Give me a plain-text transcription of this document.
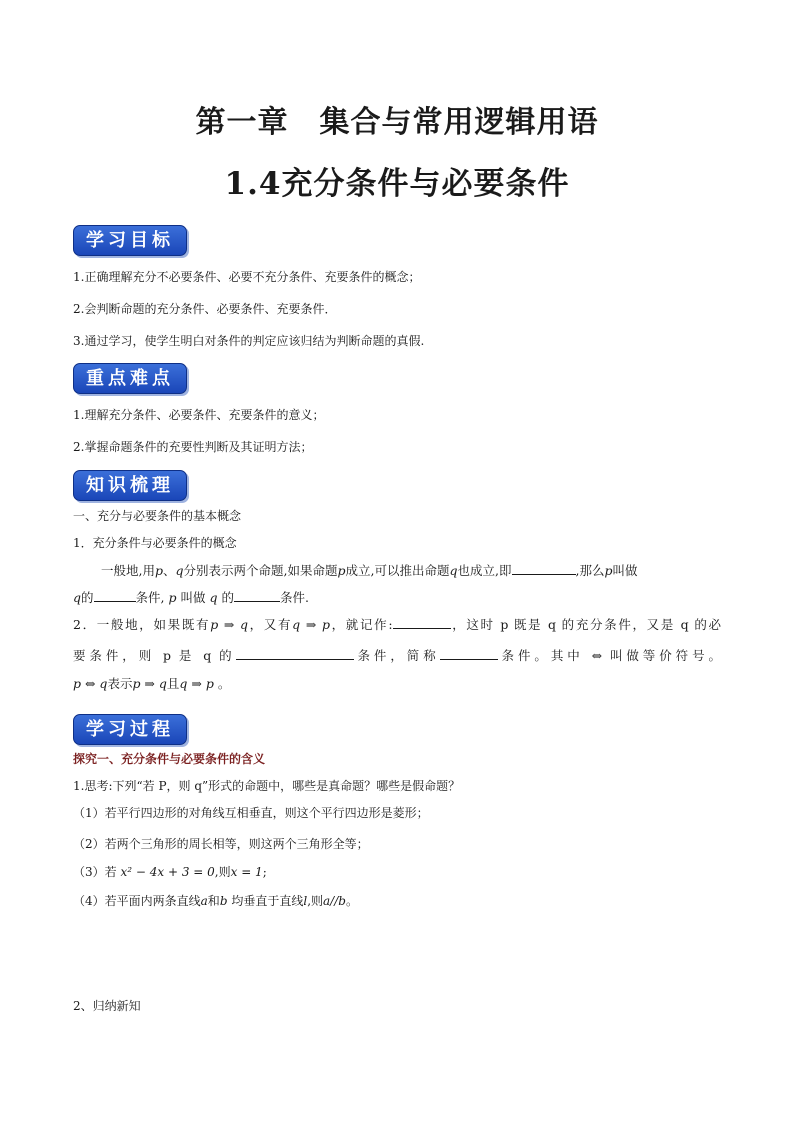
第一章　集合与常用逻辑用语
1.4充分条件与必要条件
学习目标
1.正确理解充分不必要条件、必要不充分条件、充要条件的概念；
2.会判断命题的充分条件、必要条件、充要条件．
3.通过学习，使学生明白对条件的判定应该归结为判断命题的真假.
重点难点
1.理解充分条件、必要条件、充要条件的意义；
2.掌握命题条件的充要性判断及其证明方法；
知识梳理
一、充分与必要条件的基本概念
1．充分条件与必要条件的概念
一般地,用p、q分别表示两个命题,如果命题p成立,可以推出命题q也成立,即	,那么p叫做
q的	条件, p 叫做 q 的	条件.
2．一般地，如果既有p ⇒ q，又有q ⇒ p，就记作:	，这时 p 既是 q 的充分条件，又是 q 的必
要条件，则 p 是 q 的	条件，简称	条件。其中 ⇔ 叫做等价符号。
p ⇔ q表示p ⇒ q且q ⇒ p 。
学习过程
探究一、充分条件与必要条件的含义
1.思考:下列“若 P，则 q”形式的命题中，哪些是真命题？哪些是假命题？
（1）若平行四边形的对角线互相垂直，则这个平行四边形是菱形；
（2）若两个三角形的周长相等，则这两个三角形全等；
（3）若 x² − 4x + 3 = 0,则x = 1;
（4）若平面内两条直线a和b 均垂直于直线l,则a//b。
2、归纳新知
